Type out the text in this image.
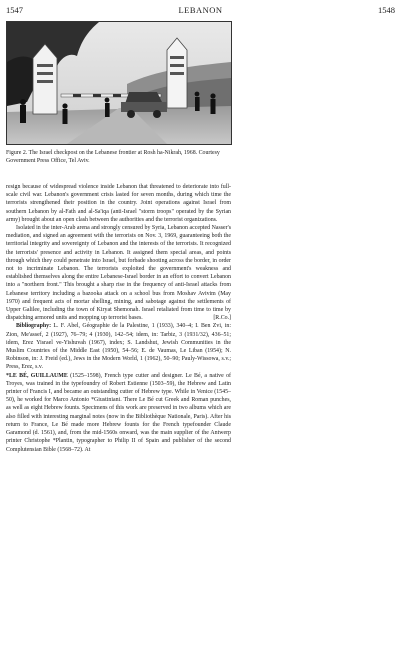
1547	LEBANON	1548
Figure 2. The Israel checkpost on the Lebanese frontier at Rosh ha-Nikrah, 1968. Courtesy Government Press Office, Tel Aviv.

resign because of widespread violence inside Lebanon that threatened to deteriorate into full-scale civil war. Lebanon's government crisis lasted for seven months, during which time the terrorists strengthened their position in the country. Joint operations against Israel from southern Lebanon by al-Fath and al-Sa'iqa (anti-Israel "storm troops" operated by the Syrian army) brought about an open clash between the authorities and the terrorist organizations.

Isolated in the inter-Arab arena and strongly censured by Syria, Lebanon accepted Nasser's mediation, and signed an agreement with the terrorists on Nov. 3, 1969, guaranteeing both the territorial integrity and sovereignty of Lebanon and the interests of the terrorists. It recognized the terrorists' presence and activity in Lebanon. It assigned them special areas, and points through which they could penetrate into Israel, but forbade shooting across the border, in order not to incriminate Lebanon. The terrorists exploited the government's weakness and established themselves along the entire Lebanese-Israel border in an effort to convert Lebanon into a "northern front." This brought a sharp rise in the frequency of anti-Israel attacks from Lebanese territory including a bazooka attack on a school bus from Moshav Avivim (May 1970) and frequent acts of mortar shelling, mining, and sabotage against the settlements of Upper Galilee, including the town of Kiryat Shemonah. Israel retaliated from time to time by dispatching armored units and mopping up terrorist bases.	[R.Co.]

Bibliography: L. F. Abel, Géographie de la Palestine, 1 (1933), 340–4; I. Ben Zvi, in: Zion, Me'assef, 2 (1927), 76–79; 4 (1930), 142–54; idem, in: Tarbiz, 3 (1931/32), 436–51; idem, Erez Yisrael ve-Yishuvah (1967), index; S. Landshut, Jewish Communities in the Muslim Countries of the Middle East (1950), 54–56; E. de Vaumas, Le Liban (1954); N. Robinson, in: J. Freid (ed.), Jews in the Modern World, 1 (1962), 50–90; Pauly-Wissowa, s.v.; Press, Erez, s.v.

*LE BÉ, GUILLAUME (1525–1598), French type cutter and designer. Le Bé, a native of Troyes, was trained in the typefoundry of Robert Estienne (1503–59), the Hebrew and Latin printer of Francis I, and became an outstanding cutter of Hebrew type. While in Venice (1545–50), he worked for Marco Antonio *Giustiniani. There Le Bé cut Greek and Roman punches, as well as eight Hebrew founts. Specimens of this work are preserved in two albums which are also filled with interesting marginal notes (now in the Bibliothèque Nationale, Paris). After his return to France, Le Bé made more Hebrew founts for the French typefounder Claude Garamond (d. 1561), and, from the mid-1560s onward, was the main supplier of the Antwerp printer Christophe *Plantin, typographer to Philip II of Spain and publisher of the second Complutensian Bible (1568–72). At
